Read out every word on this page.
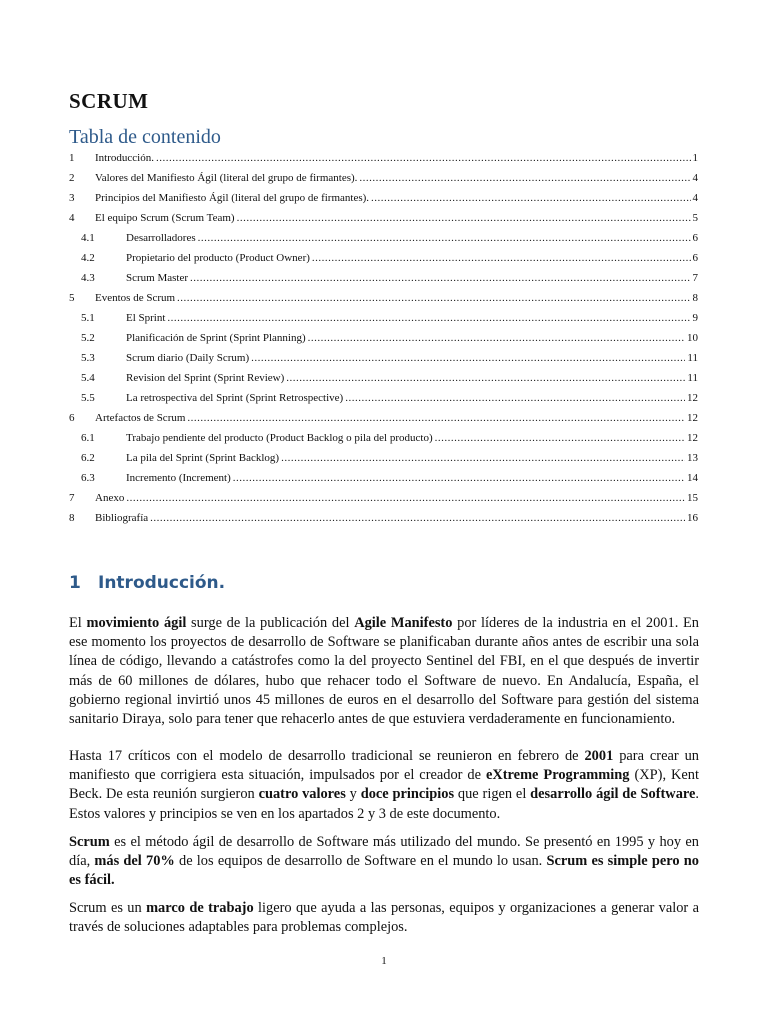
SCRUM
Tabla de contenido
1	Introducción. .....	1
2	Valores del Manifiesto Ágil (literal del grupo de firmantes). .....	4
3	Principios del Manifiesto Ágil (literal del grupo de firmantes). .....	4
4	El equipo Scrum (Scrum Team) .....	5
4.1	Desarrolladores .....	6
4.2	Propietario del producto (Product Owner) .....	6
4.3	Scrum Master .....	7
5	Eventos de Scrum .....	8
5.1	El Sprint .....	9
5.2	Planificación de Sprint (Sprint Planning) .....	10
5.3	Scrum diario (Daily Scrum) .....	11
5.4	Revision del Sprint (Sprint Review) .....	11
5.5	La retrospectiva del Sprint (Sprint Retrospective) .....	12
6	Artefactos de Scrum .....	12
6.1	Trabajo pendiente del producto (Product Backlog o pila del producto) .....	12
6.2	La pila del Sprint (Sprint Backlog) .....	13
6.3	Incremento (Increment) .....	14
7	Anexo .....	15
8	Bibliografía .....	16
1 Introducción.
El movimiento ágil surge de la publicación del Agile Manifesto por líderes de la industria en el 2001. En ese momento los proyectos de desarrollo de Software se planificaban durante años antes de escribir una sola línea de código, llevando a catástrofes como la del proyecto Sentinel del FBI, en el que después de invertir más de 60 millones de dólares, hubo que rehacer todo el Software de nuevo. En Andalucía, España, el gobierno regional invirtió unos 45 millones de euros en el desarrollo del Software para gestión del sistema sanitario Diraya, solo para tener que rehacerlo antes de que estuviera verdaderamente en funcionamiento.
Hasta 17 críticos con el modelo de desarrollo tradicional se reunieron en febrero de 2001 para crear un manifiesto que corrigiera esta situación, impulsados por el creador de eXtreme Programming (XP), Kent Beck. De esta reunión surgieron cuatro valores y doce principios que rigen el desarrollo ágil de Software. Estos valores y principios se ven en los apartados 2 y 3 de este documento.
Scrum es el método ágil de desarrollo de Software más utilizado del mundo. Se presentó en 1995 y hoy en día, más del 70% de los equipos de desarrollo de Software en el mundo lo usan. Scrum es simple pero no es fácil.
Scrum es un marco de trabajo ligero que ayuda a las personas, equipos y organizaciones a generar valor a través de soluciones adaptables para problemas complejos.
1
